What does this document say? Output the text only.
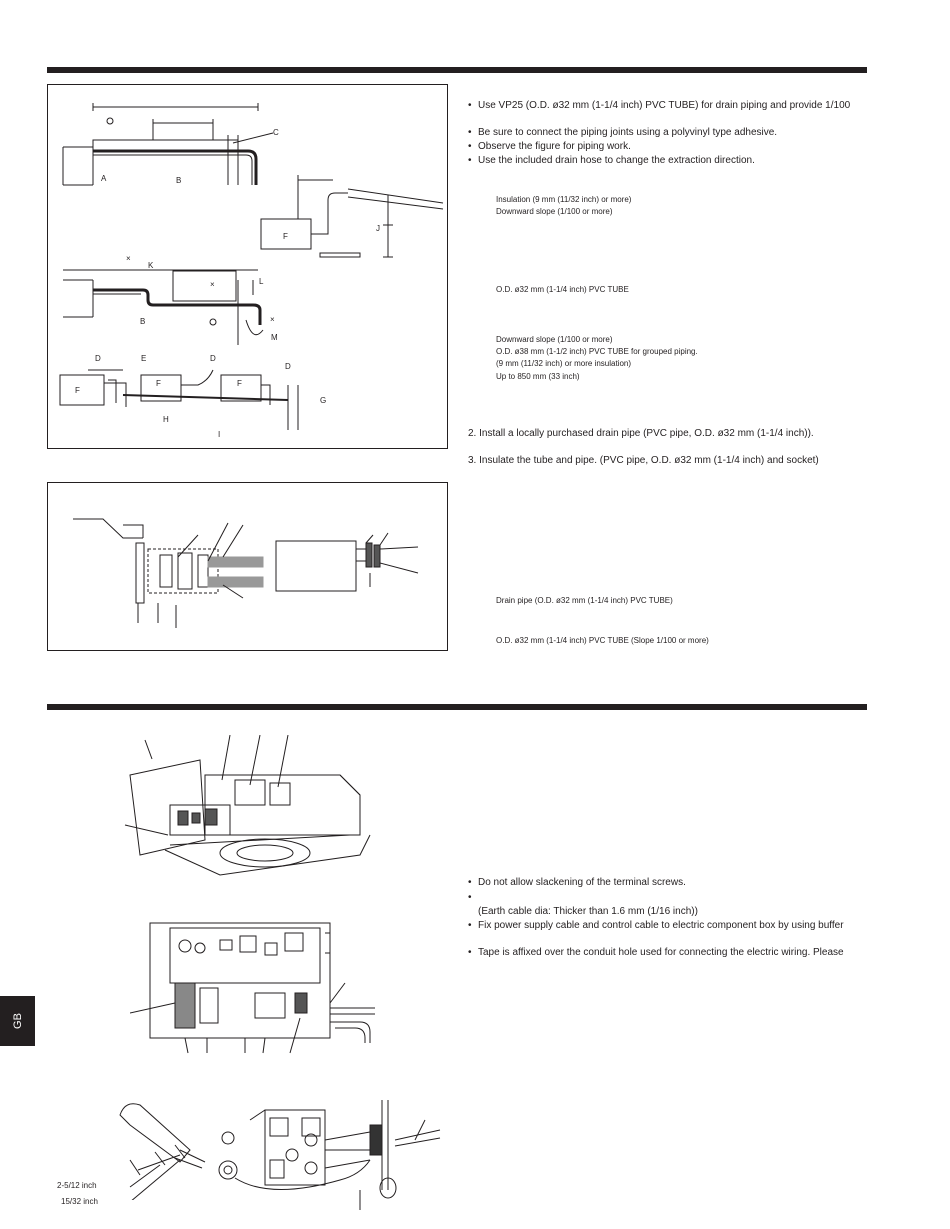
A	B
C
F
J
K
L
B
M
D	E	D
D
F
F	F
G
H
I
×
×
×
• Use VP25 (O.D. ø32 mm (1-1/4 inch) PVC TUBE) for drain piping and provide 1/100
• Be sure to connect the piping joints using a polyvinyl type adhesive.
• Observe the figure for piping work.
• Use the included drain hose to change the extraction direction.
Insulation (9 mm (11/32 inch) or more)
Downward slope (1/100 or more)
O.D. ø32 mm (1-1/4 inch) PVC TUBE
Downward slope (1/100 or more)
O.D. ø38 mm (1-1/2 inch) PVC TUBE for grouped piping.
(9 mm (11/32 inch) or more insulation)
Up to 850 mm (33 inch)
2. Install a locally purchased drain pipe (PVC pipe, O.D. ø32 mm (1-1/4 inch)).
3. Insulate the tube and pipe. (PVC pipe, O.D. ø32 mm (1-1/4 inch) and socket)
Drain pipe (O.D. ø32 mm (1-1/4 inch) PVC TUBE)
O.D. ø32 mm (1-1/4 inch) PVC TUBE (Slope 1/100 or more)
• Do not allow slackening of the terminal screws.
•
(Earth cable dia: Thicker than 1.6 mm (1/16 inch))
• Fix power supply cable and control cable to electric component box by using buffer
• Tape is affixed over the conduit hole used for connecting the electric wiring. Please
2-5/12 inch
15/32 inch
GB
